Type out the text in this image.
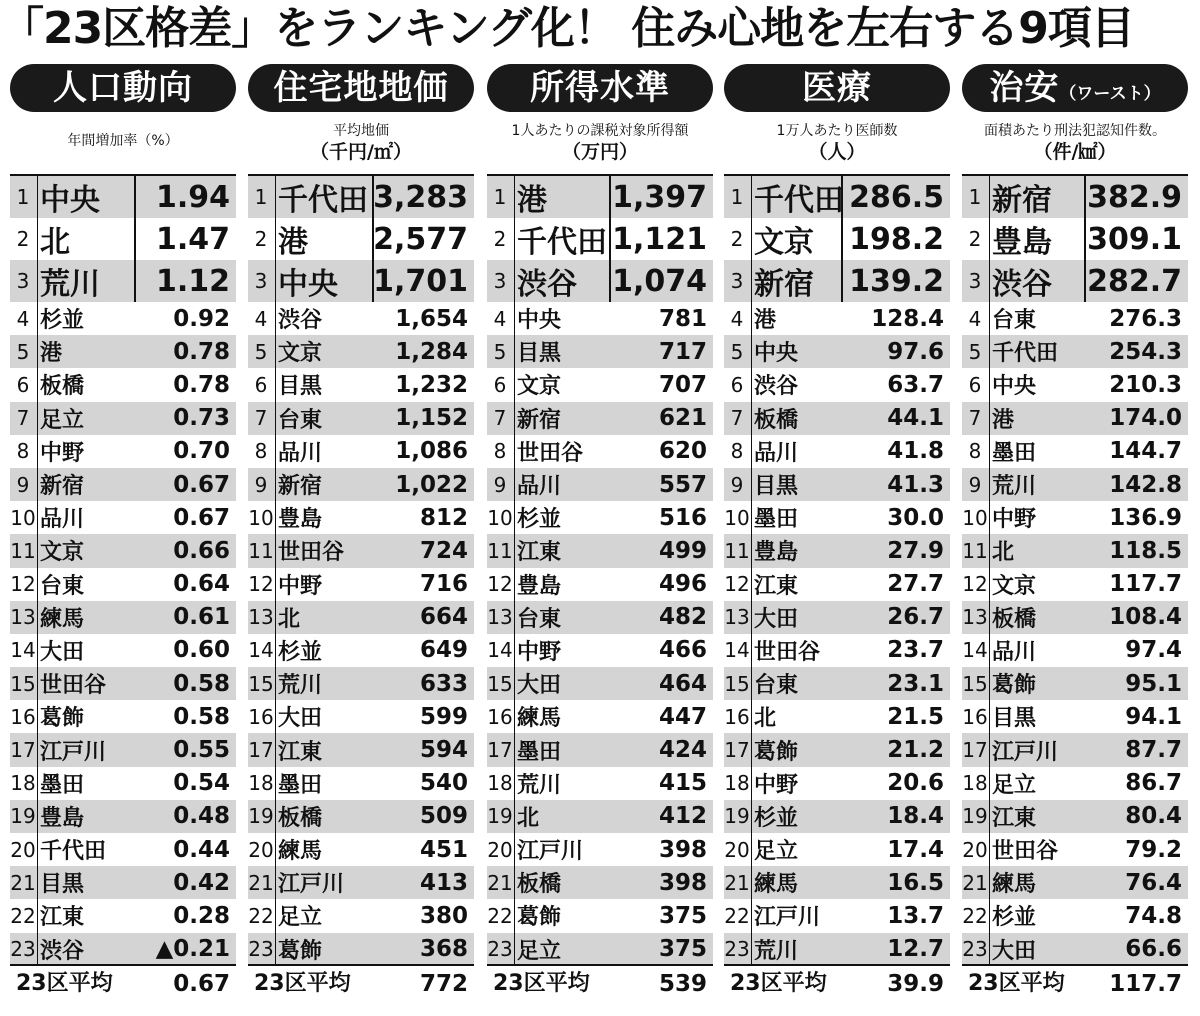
「23区格差」をランキング化！ 住み心地を左右する9項目
人口動向
年間増加率（%）
1 中央 1.94
2 北	1.47
3 荒川 1.12
4 杉並	0.92
5 港	0.78
6 板橋	0.78
7 足立	0.73
8 中野	0.70
9 新宿	0.67
10 品川	0.67
11 文京	0.66
12 台東	0.64
13 練馬	0.61
14 大田	0.60
15 世田谷	0.58
16 葛飾	0.58
17 江戸川	0.55
18 墨田	0.54
19 豊島	0.48
20 千代田	0.44
21 目黒	0.42
22 江東	0.28
23 渋谷	▲0.21
23区平均	0.67
住宅地地価
平均地価
（千円/㎡）
1 千代田 3,283
2 港 2,577
3 中央 1,701
4 渋谷	1,654
5 文京	1,284
6 目黒	1,232
7 台東	1,152
8 品川	1,086
9 新宿	1,022
10 豊島	812
11 世田谷	724
12 中野	716
13 北	664
14 杉並	649
15 荒川	633
16 大田	599
17 江東	594
18 墨田	540
19 板橋	509
20 練馬	451
21 江戸川	413
22 足立	380
23 葛飾	368
23区平均	772
所得水準
1人あたりの課税対象所得額
（万円）
1 港 1,397
2 千代田 1,121
3 渋谷 1,074
4 中央	781
5 目黒	717
6 文京	707
7 新宿	621
8 世田谷	620
9 品川	557
10 杉並	516
11 江東	499
12 豊島	496
13 台東	482
14 中野	466
15 大田	464
16 練馬	447
17 墨田	424
18 荒川	415
19 北	412
20 江戸川	398
21 板橋	398
22 葛飾	375
23 足立	375
23区平均	539
医療
1万人あたり医師数
（人）
1 千代田 286.5
2 文京 198.2
3 新宿 139.2
4 港	128.4
5 中央	97.6
6 渋谷	63.7
7 板橋	44.1
8 品川	41.8
9 目黒	41.3
10 墨田	30.0
11 豊島	27.9
12 江東	27.7
13 大田	26.7
14 世田谷	23.7
15 台東	23.1
16 北	21.5
17 葛飾	21.2
18 中野	20.6
19 杉並	18.4
20 足立	17.4
21 練馬	16.5
22 江戸川	13.7
23 荒川	12.7
23区平均	39.9
治安（ワースト）
面積あたり刑法犯認知件数。
（件/㎢）
1 新宿 382.9
2 豊島 309.1
3 渋谷 282.7
4 台東	276.3
5 千代田 254.3
6 中央	210.3
7 港	174.0
8 墨田	144.7
9 荒川	142.8
10 中野	136.9
11 北	118.5
12 文京	117.7
13 板橋	108.4
14 品川	97.4
15 葛飾	95.1
16 目黒	94.1
17 江戸川	87.7
18 足立	86.7
19 江東	80.4
20 世田谷	79.2
21 練馬	76.4
22 杉並	74.8
23 大田	66.6
23区平均 117.7
